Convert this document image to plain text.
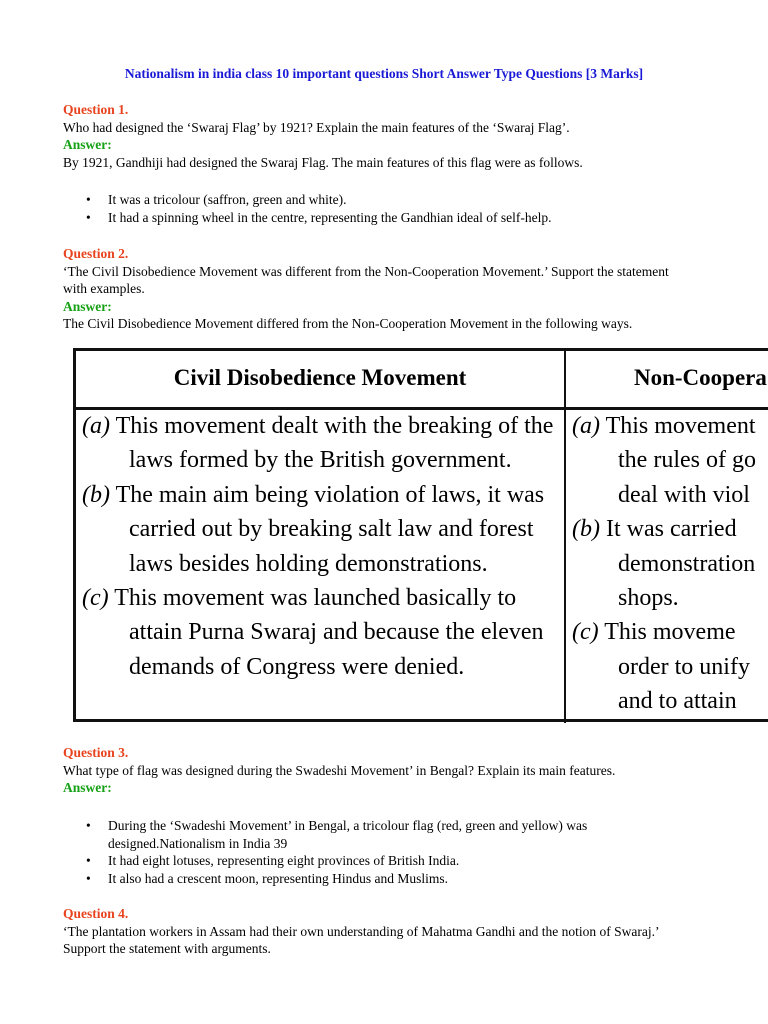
Nationalism in india class 10 important questions Short Answer Type Questions [3 Marks]
Question 1.
Who had designed the ‘Swaraj Flag’ by 1921? Explain the main features of the ‘Swaraj Flag’.
Answer:
By 1921, Gandhiji had designed the Swaraj Flag. The main features of this flag were as follows.
• It was a tricolour (saffron, green and white).
• It had a spinning wheel in the centre, representing the Gandhian ideal of self-help.
Question 2.
‘The Civil Disobedience Movement was different from the Non-Cooperation Movement.’ Support the statement with examples.
Answer:
The Civil Disobedience Movement differed from the Non-Cooperation Movement in the following ways.
Civil Disobedience Movement	Non-Coopera
(a) This movement dealt with the breaking of the laws formed by the British government.
(b) The main aim being violation of laws, it was carried out by breaking salt law and forest laws besides holding demonstrations.
(c) This movement was launched basically to attain Purna Swaraj and because the eleven demands of Congress were denied.
(a) This movement
the rules of go
deal with viol
(b) It was carried
demonstration
shops.
(c) This moveme
order to unify
and to attain
Question 3.
What type of flag was designed during the Swadeshi Movement’ in Bengal? Explain its main features.
Answer:
• During the ‘Swadeshi Movement’ in Bengal, a tricolour flag (red, green and yellow) was designed.Nationalism in India 39
• It had eight lotuses, representing eight provinces of British India.
• It also had a crescent moon, representing Hindus and Muslims.
Question 4.
‘The plantation workers in Assam had their own understanding of Mahatma Gandhi and the notion of Swaraj.’ Support the statement with arguments.
